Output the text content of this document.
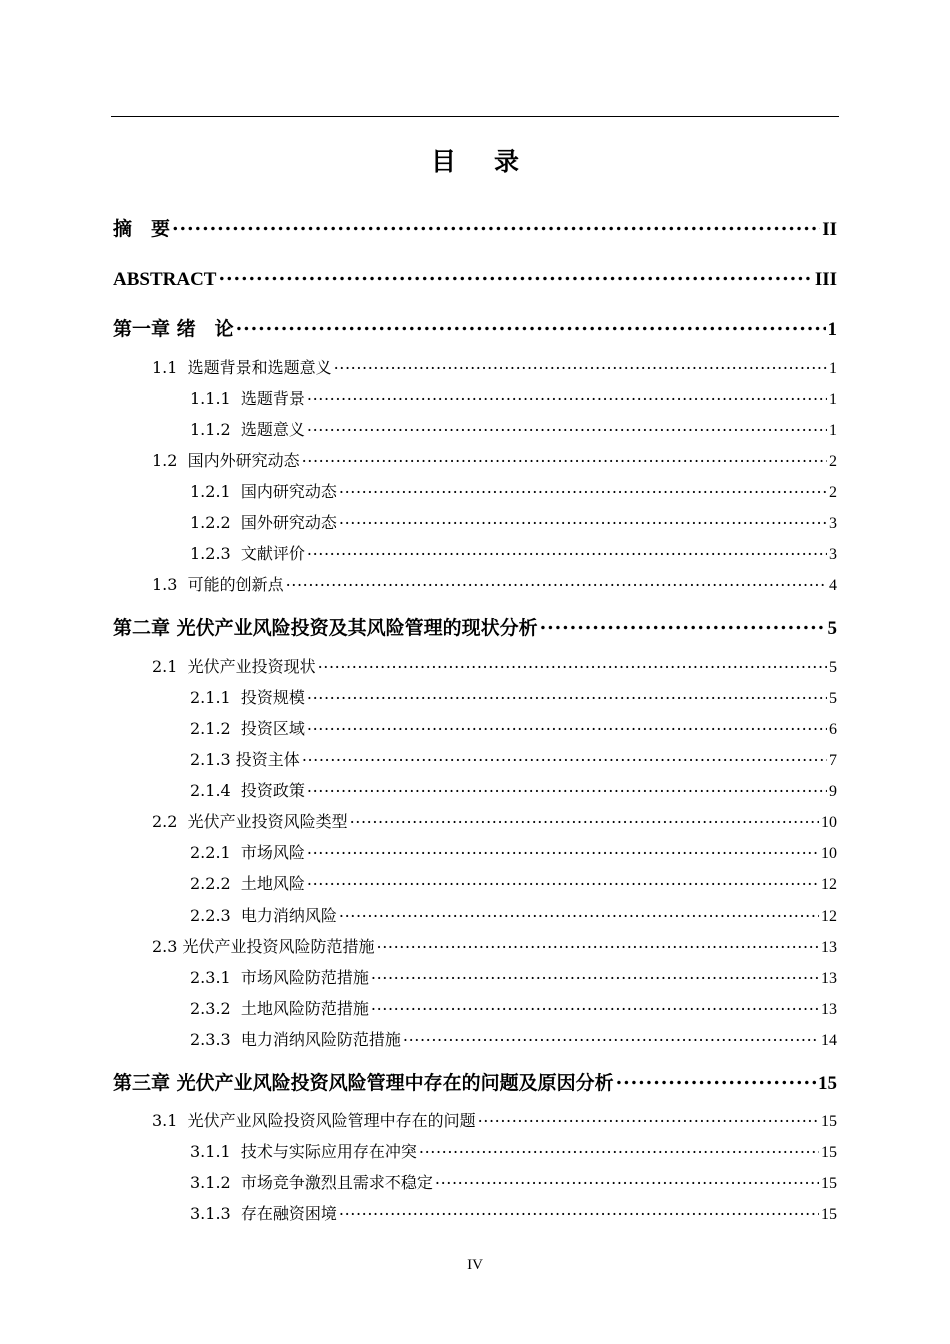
目录
摘　要 .....	II
ABSTRACT .....	III
第一章 绪　论 .....	1
1.1  选题背景和选题意义 .....	1
1.1.1  选题背景 .....	1
1.1.2  选题意义 .....	1
1.2  国内外研究动态 .....	2
1.2.1  国内研究动态 .....	2
1.2.2  国外研究动态 .....	3
1.2.3  文献评价 .....	3
1.3  可能的创新点 .....	4
第二章 光伏产业风险投资及其风险管理的现状分析 .....	5
2.1  光伏产业投资现状 .....	5
2.1.1  投资规模 .....	5
2.1.2  投资区域 .....	6
2.1.3 投资主体 .....	7
2.1.4  投资政策 .....	9
2.2  光伏产业投资风险类型 .....	10
2.2.1  市场风险 .....	10
2.2.2  土地风险 .....	12
2.2.3  电力消纳风险 .....	12
2.3 光伏产业投资风险防范措施 .....	13
2.3.1  市场风险防范措施 .....	13
2.3.2  土地风险防范措施 .....	13
2.3.3  电力消纳风险防范措施 .....	14
第三章 光伏产业风险投资风险管理中存在的问题及原因分析 .....	15
3.1  光伏产业风险投资风险管理中存在的问题 .....	15
3.1.1  技术与实际应用存在冲突 .....	15
3.1.2  市场竞争激烈且需求不稳定 .....	15
3.1.3  存在融资困境 .....	15
IV
